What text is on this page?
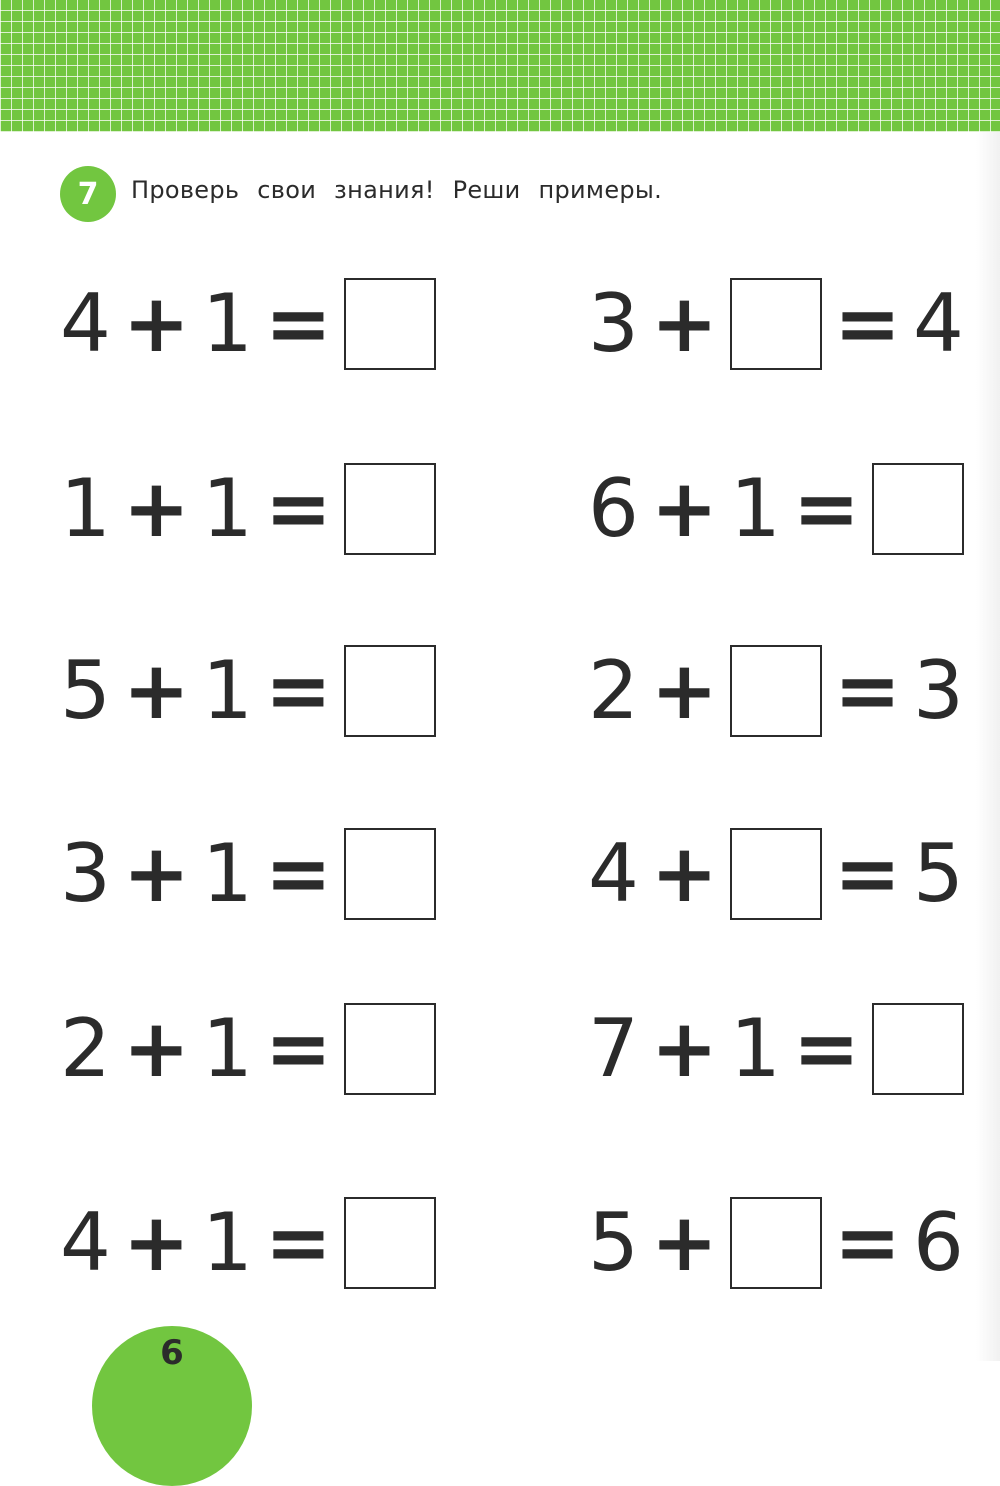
7	Проверь свои знания! Реши примеры.
4 + 1 =
1 + 1 =
5 + 1 =
3 + 1 =
2 + 1 =
4 + 1 =
3 + = 4
6 + 1 =
2 + = 3
4 + = 5
7 + 1 =
5 + = 6
6
